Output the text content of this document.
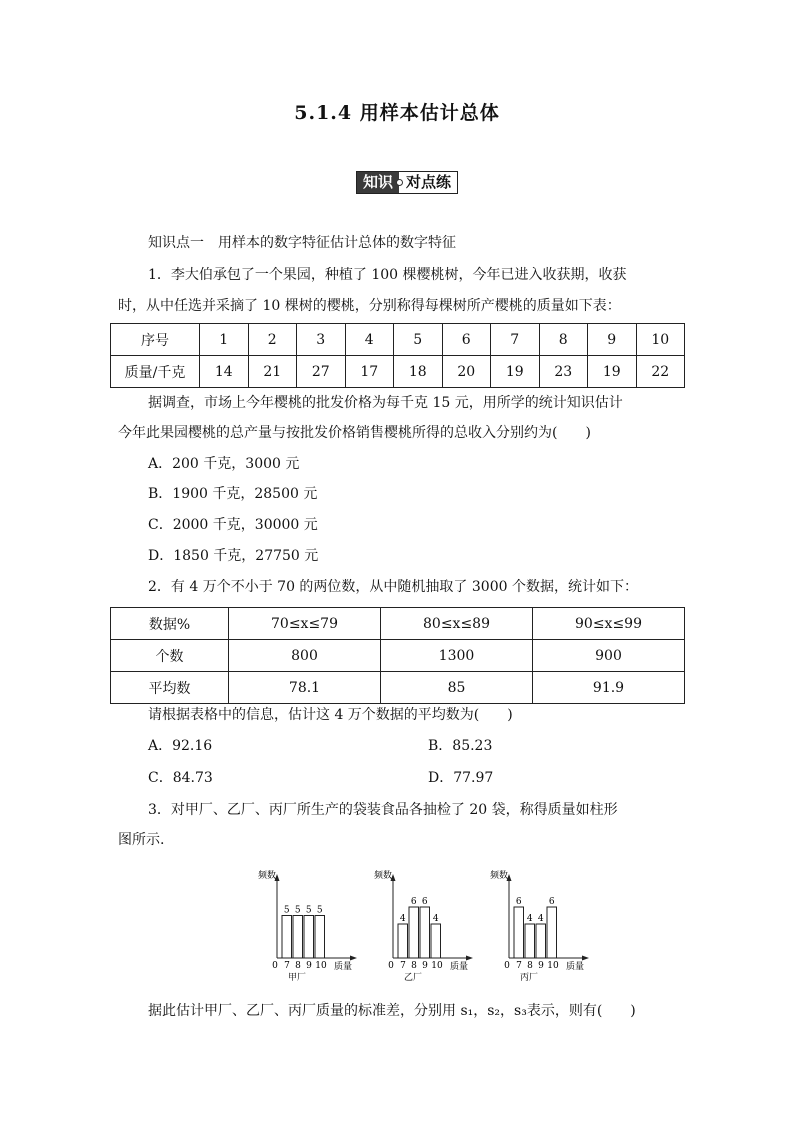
5.1.4 用样本估计总体
知识 对点练
知识点一　用样本的数字特征估计总体的数字特征
1．李大伯承包了一个果园，种植了 100 棵樱桃树，今年已进入收获期，收获
时，从中任选并采摘了 10 棵树的樱桃，分别称得每棵树所产樱桃的质量如下表：
序号	1	2	3	4	5	6	7	8	9	10
质量/千克	14	21	27	17	18	20	19	23	19	22
据调查，市场上今年樱桃的批发价格为每千克 15 元，用所学的统计知识估计
今年此果园樱桃的总产量与按批发价格销售樱桃所得的总收入分别约为(　　)
A．200 千克，3000 元
B．1900 千克，28500 元
C．2000 千克，30000 元
D．1850 千克，27750 元
2．有 4 万个不小于 70 的两位数，从中随机抽取了 3000 个数据，统计如下：
数据%	70≤x≤79	80≤x≤89	90≤x≤99
个数	800	1300	900
平均数	78.1	85	91.9
请根据表格中的信息，估计这 4 万个数据的平均数为(　　)
A．92.16	B．85.23
C．84.73	D．77.97
3．对甲厂、乙厂、丙厂所生产的袋装食品各抽检了 20 袋，称得质量如柱形
图所示.
频数
0 7 8 9 10 质量
甲厂
5 5 5 5
频数
0 7 8 9 10 质量
乙厂
4
6 6
4
频数
0 7 8 9 10 质量
丙厂
6
4 4
6
据此估计甲厂、乙厂、丙厂质量的标准差，分别用 s₁，s₂，s₃表示，则有(　　)
